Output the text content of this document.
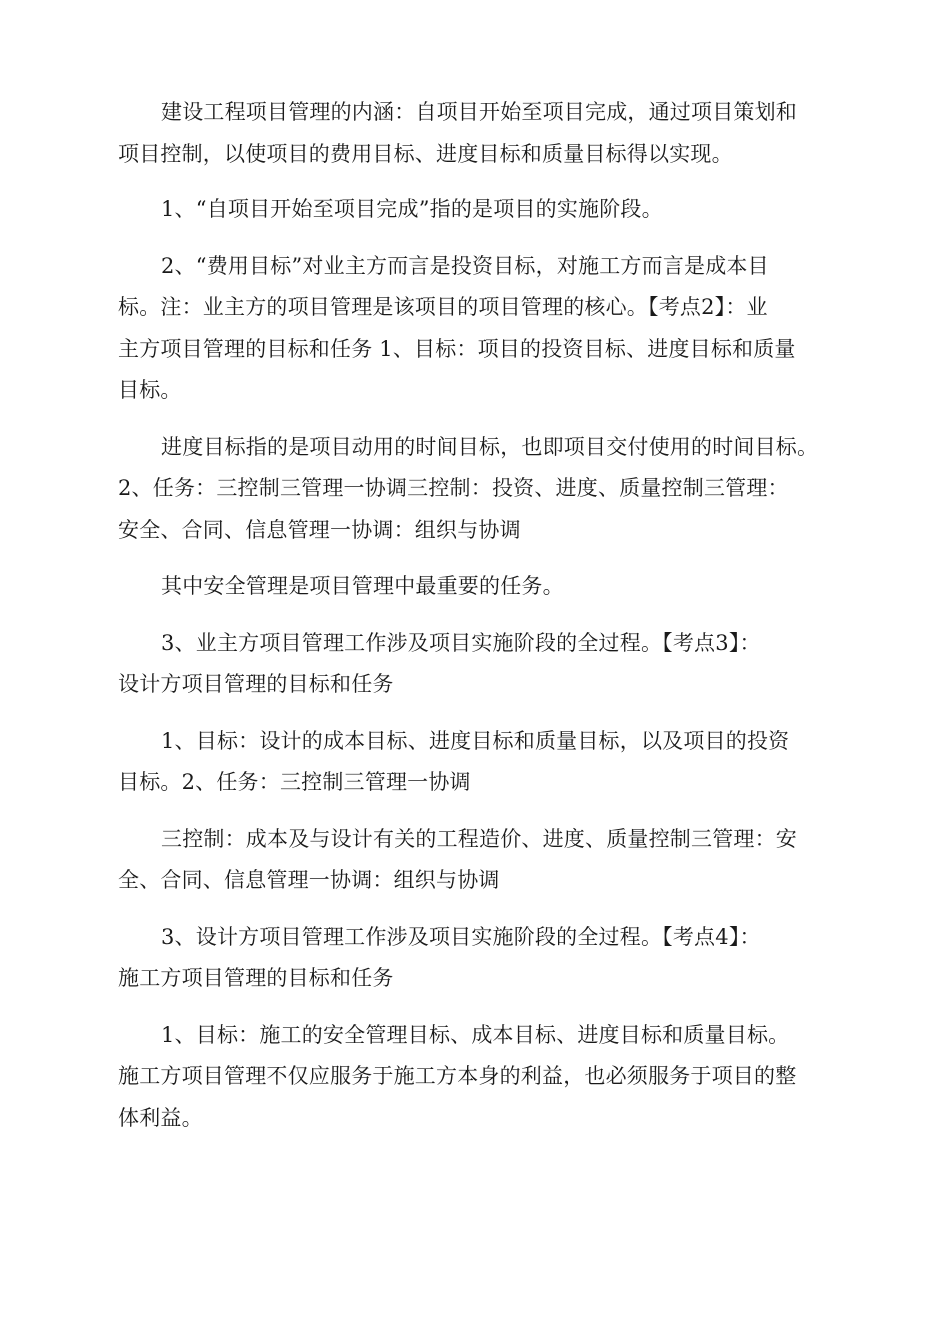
建设工程项目管理的内涵：自项目开始至项目完成，通过项目策划和
项目控制，以使项目的费用目标、进度目标和质量目标得以实现。

1、“自项目开始至项目完成”指的是项目的实施阶段。

2、“费用目标”对业主方而言是投资目标，对施工方而言是成本目
标。注：业主方的项目管理是该项目的项目管理的核心。【考点2】：业
主方项目管理的目标和任务 1、目标：项目的投资目标、进度目标和质量
目标。

进度目标指的是项目动用的时间目标，也即项目交付使用的时间目标。
2、任务：三控制三管理一协调三控制：投资、进度、质量控制三管理：
安全、合同、信息管理一协调：组织与协调

其中安全管理是项目管理中最重要的任务。

3、业主方项目管理工作涉及项目实施阶段的全过程。【考点3】：
设计方项目管理的目标和任务

1、目标：设计的成本目标、进度目标和质量目标，以及项目的投资
目标。2、任务：三控制三管理一协调

三控制：成本及与设计有关的工程造价、进度、质量控制三管理：安
全、合同、信息管理一协调：组织与协调

3、设计方项目管理工作涉及项目实施阶段的全过程。【考点4】：
施工方项目管理的目标和任务

1、目标：施工的安全管理目标、成本目标、进度目标和质量目标。
施工方项目管理不仅应服务于施工方本身的利益，也必须服务于项目的整
体利益。
